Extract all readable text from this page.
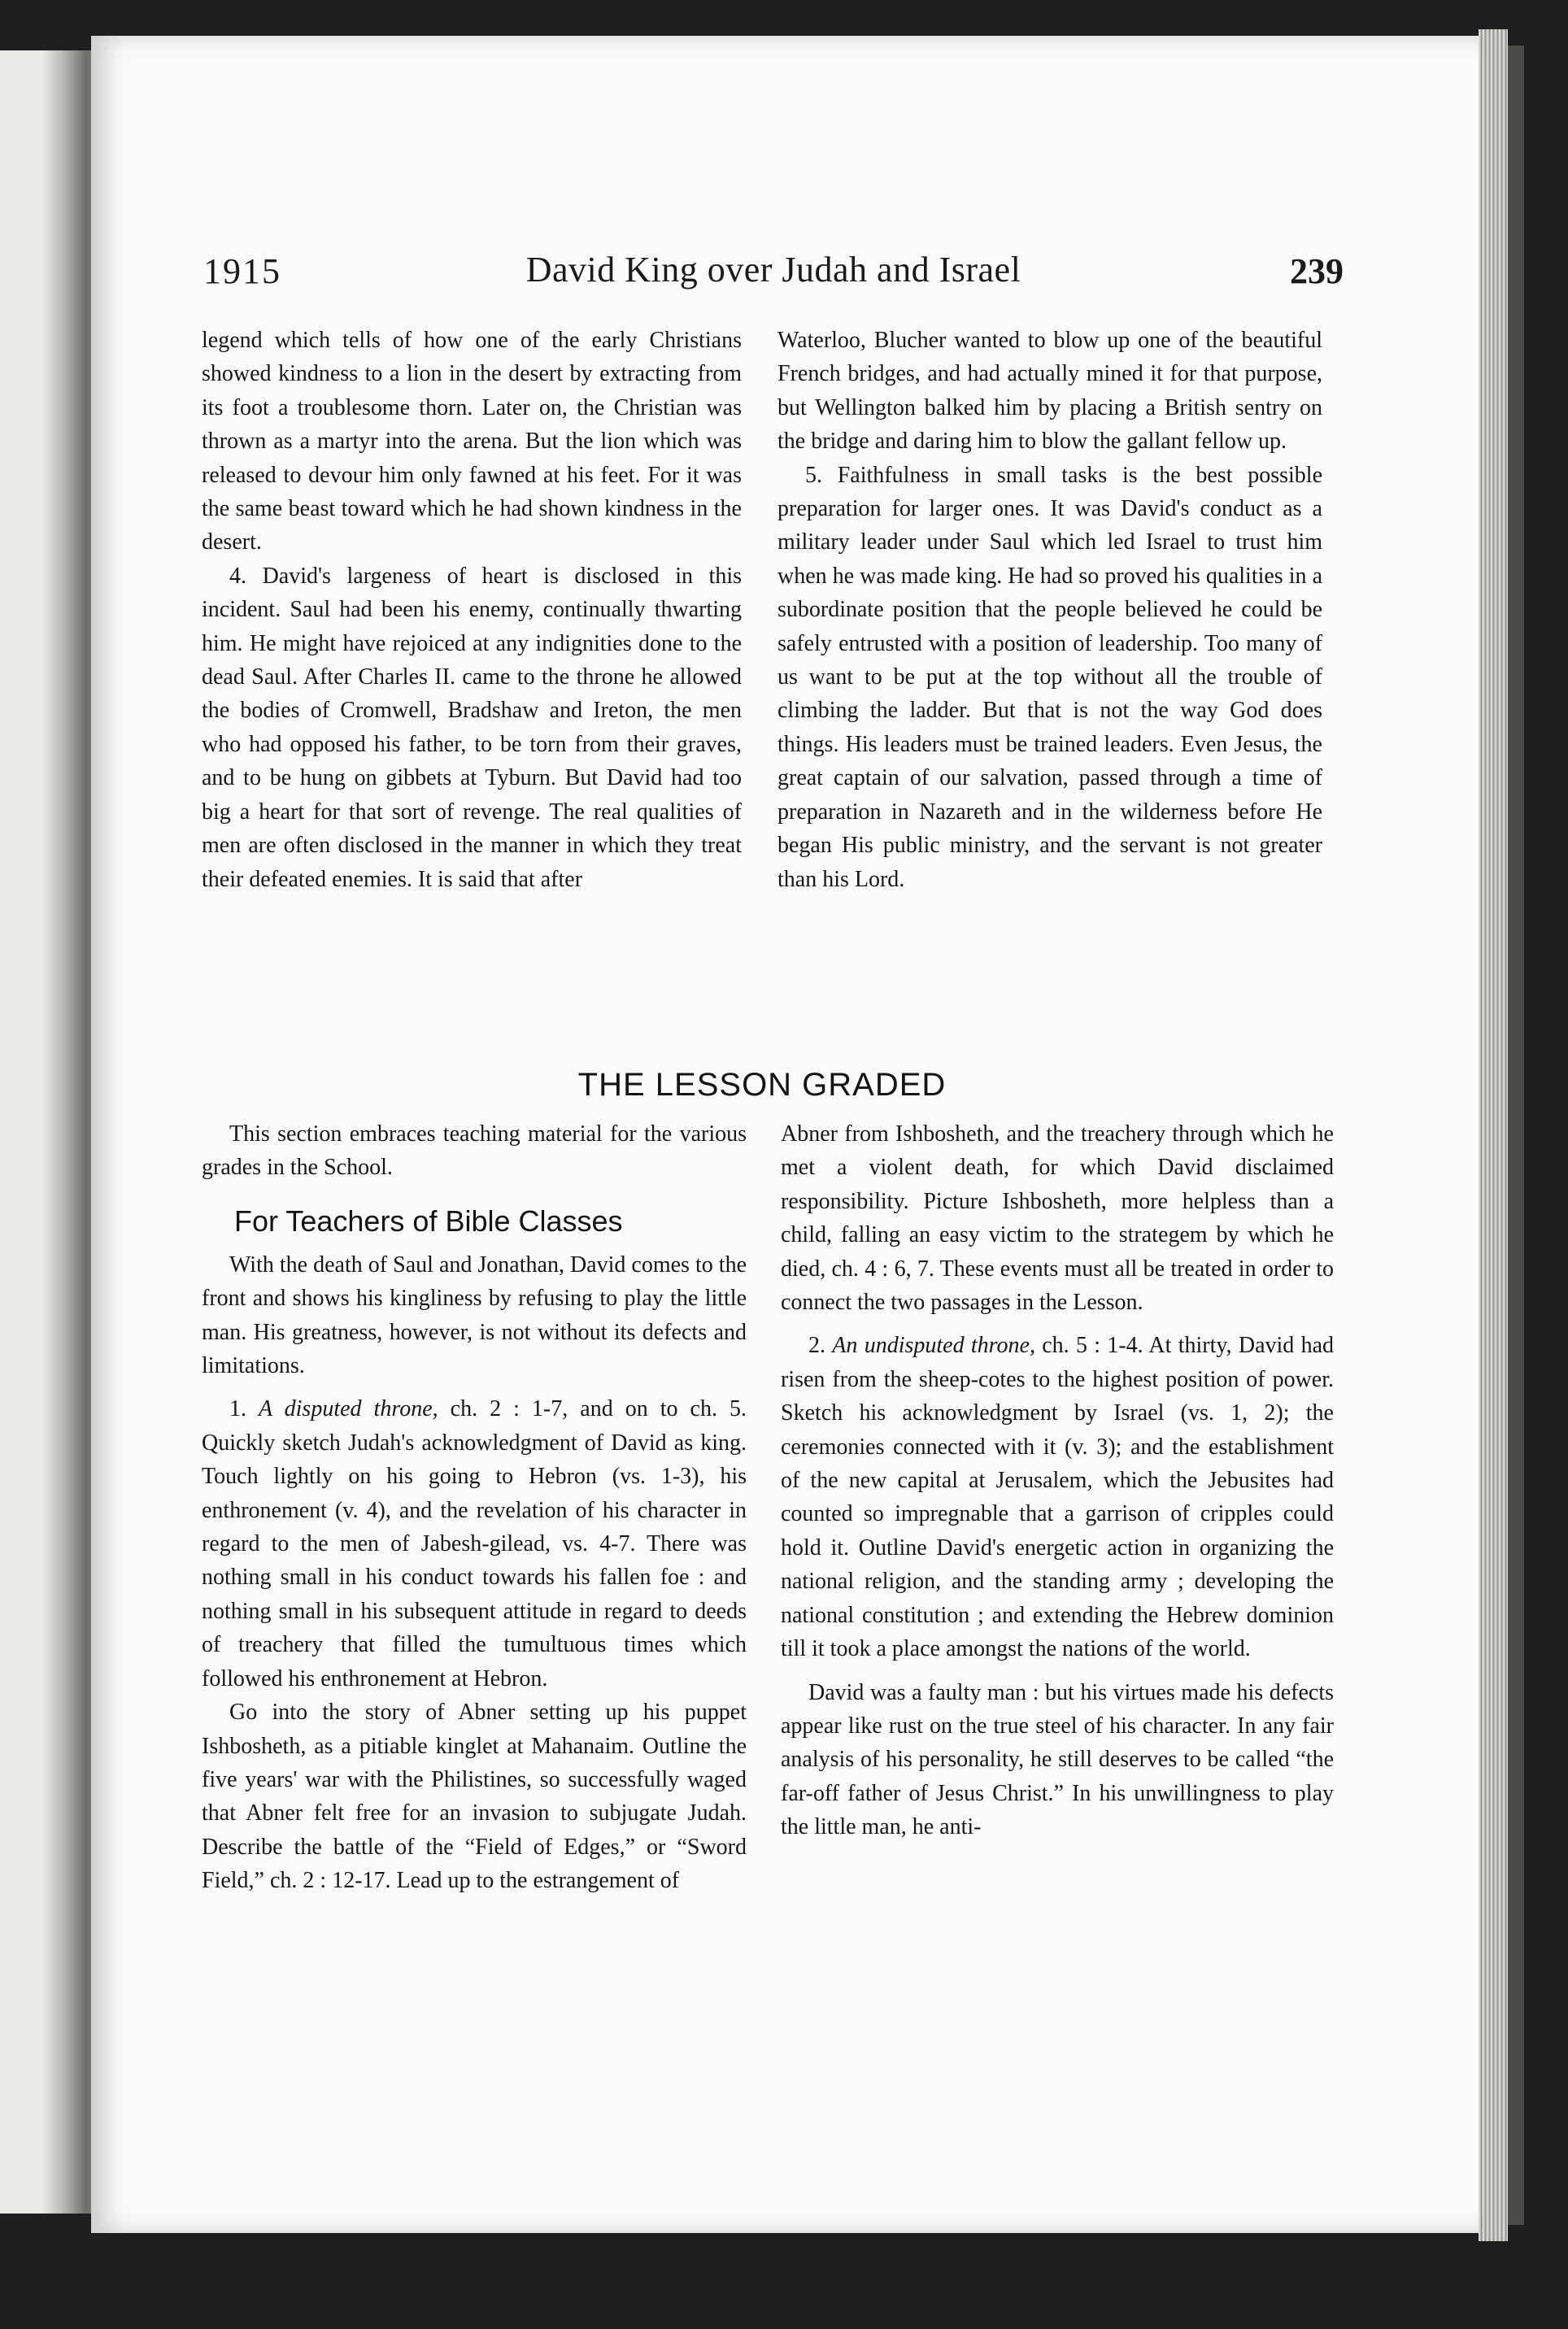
1915	David King over Judah and Israel	239

legend which tells of how one of the early Christians showed kindness to a lion in the desert by extracting from its foot a troublesome thorn. Later on, the Christian was thrown as a martyr into the arena. But the lion which was released to devour him only fawned at his feet. For it was the same beast toward which he had shown kindness in the desert.

4. David's largeness of heart is disclosed in this incident. Saul had been his enemy, continually thwarting him. He might have rejoiced at any indignities done to the dead Saul. After Charles II. came to the throne he allowed the bodies of Cromwell, Bradshaw and Ireton, the men who had opposed his father, to be torn from their graves, and to be hung on gibbets at Tyburn. But David had too big a heart for that sort of revenge. The real qualities of men are often disclosed in the manner in which they treat their defeated enemies. It is said that after

Waterloo, Blucher wanted to blow up one of the beautiful French bridges, and had actually mined it for that purpose, but Wellington balked him by placing a British sentry on the bridge and daring him to blow the gallant fellow up.

5. Faithfulness in small tasks is the best possible preparation for larger ones. It was David's conduct as a military leader under Saul which led Israel to trust him when he was made king. He had so proved his qualities in a subordinate position that the people believed he could be safely entrusted with a position of leadership. Too many of us want to be put at the top without all the trouble of climbing the ladder. But that is not the way God does things. His leaders must be trained leaders. Even Jesus, the great captain of our salvation, passed through a time of preparation in Nazareth and in the wilderness before He began His public ministry, and the servant is not greater than his Lord.

THE LESSON GRADED

This section embraces teaching material for the various grades in the School.

For Teachers of Bible Classes

With the death of Saul and Jonathan, David comes to the front and shows his kingliness by refusing to play the little man. His greatness, however, is not without its defects and limitations.

1. A disputed throne, ch. 2 : 1-7, and on to ch. 5. Quickly sketch Judah's acknowledgment of David as king. Touch lightly on his going to Hebron (vs. 1-3), his enthronement (v. 4), and the revelation of his character in regard to the men of Jabesh-gilead, vs. 4-7. There was nothing small in his conduct towards his fallen foe : and nothing small in his subsequent attitude in regard to deeds of treachery that filled the tumultuous times which followed his enthronement at Hebron.

Go into the story of Abner setting up his puppet Ishbosheth, as a pitiable kinglet at Mahanaim. Outline the five years' war with the Philistines, so successfully waged that Abner felt free for an invasion to subjugate Judah. Describe the battle of the “Field of Edges,” or “Sword Field,” ch. 2 : 12-17. Lead up to the estrangement of

Abner from Ishbosheth, and the treachery through which he met a violent death, for which David disclaimed responsibility. Picture Ishbosheth, more helpless than a child, falling an easy victim to the strategem by which he died, ch. 4 : 6, 7. These events must all be treated in order to connect the two passages in the Lesson.

2. An undisputed throne, ch. 5 : 1-4. At thirty, David had risen from the sheep-cotes to the highest position of power. Sketch his acknowledgment by Israel (vs. 1, 2); the ceremonies connected with it (v. 3); and the establishment of the new capital at Jerusalem, which the Jebusites had counted so impregnable that a garrison of cripples could hold it. Outline David's energetic action in organizing the national religion, and the standing army ; developing the national constitution ; and extending the Hebrew dominion till it took a place amongst the nations of the world.

David was a faulty man : but his virtues made his defects appear like rust on the true steel of his character. In any fair analysis of his personality, he still deserves to be called “the far-off father of Jesus Christ.” In his unwillingness to play the little man, he anti-
